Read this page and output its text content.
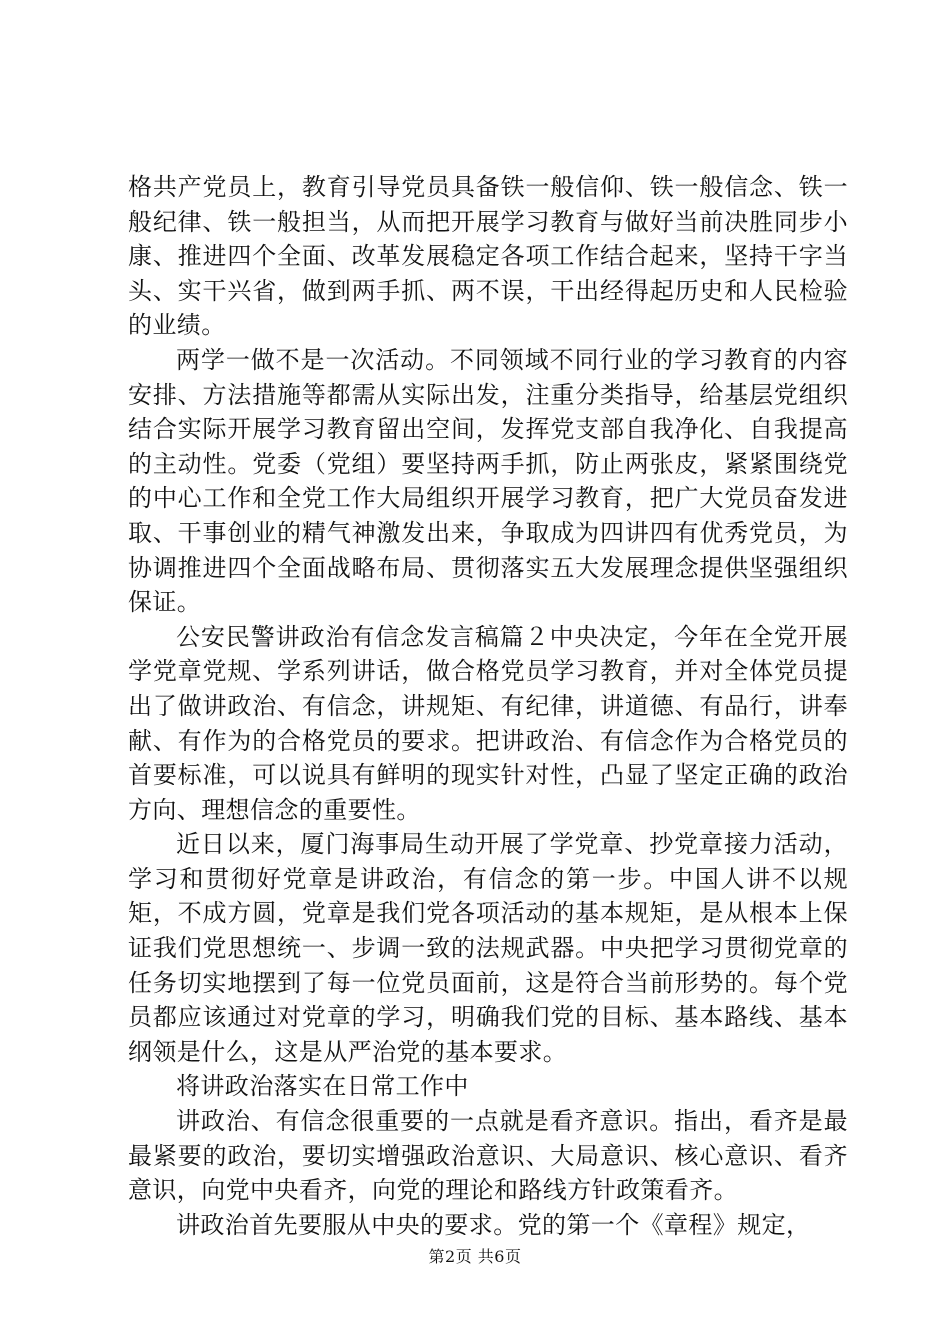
格共产党员上，教育引导党员具备铁一般信仰、铁一般信念、铁一般纪律、铁一般担当，从而把开展学习教育与做好当前决胜同步小康、推进四个全面、改革发展稳定各项工作结合起来，坚持干字当头、实干兴省，做到两手抓、两不误，干出经得起历史和人民检验的业绩。

两学一做不是一次活动。不同领域不同行业的学习教育的内容安排、方法措施等都需从实际出发，注重分类指导，给基层党组织结合实际开展学习教育留出空间，发挥党支部自我净化、自我提高的主动性。党委（党组）要坚持两手抓，防止两张皮，紧紧围绕党的中心工作和全党工作大局组织开展学习教育，把广大党员奋发进取、干事创业的精气神激发出来，争取成为四讲四有优秀党员，为协调推进四个全面战略布局、贯彻落实五大发展理念提供坚强组织保证。

公安民警讲政治有信念发言稿篇２中央决定，今年在全党开展学党章党规、学系列讲话，做合格党员学习教育，并对全体党员提出了做讲政治、有信念，讲规矩、有纪律，讲道德、有品行，讲奉献、有作为的合格党员的要求。把讲政治、有信念作为合格党员的首要标准，可以说具有鲜明的现实针对性，凸显了坚定正确的政治方向、理想信念的重要性。

近日以来，厦门海事局生动开展了学党章、抄党章接力活动，学习和贯彻好党章是讲政治，有信念的第一步。中国人讲不以规矩，不成方圆，党章是我们党各项活动的基本规矩，是从根本上保证我们党思想统一、步调一致的法规武器。中央把学习贯彻党章的任务切实地摆到了每一位党员面前，这是符合当前形势的。每个党员都应该通过对党章的学习，明确我们党的目标、基本路线、基本纲领是什么，这是从严治党的基本要求。

将讲政治落实在日常工作中

讲政治、有信念很重要的一点就是看齐意识。指出，看齐是最最紧要的政治，要切实增强政治意识、大局意识、核心意识、看齐意识，向党中央看齐，向党的理论和路线方针政策看齐。

讲政治首先要服从中央的要求。党的第一个《章程》规定，

第2页 共6页
